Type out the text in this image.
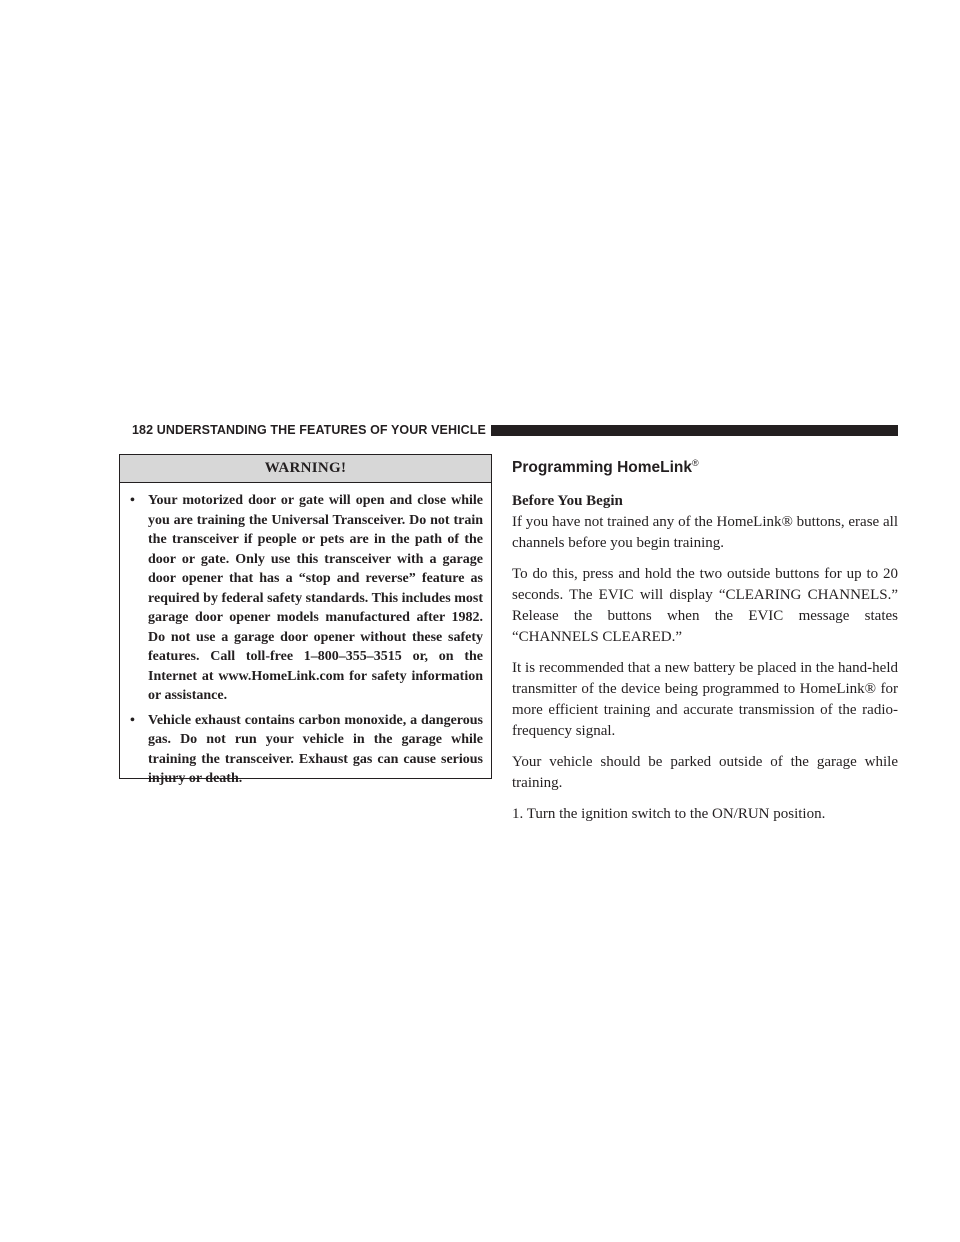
182 UNDERSTANDING THE FEATURES OF YOUR VEHICLE
WARNING!
• Your motorized door or gate will open and close while you are training the Universal Transceiver. Do not train the transceiver if people or pets are in the path of the door or gate. Only use this transceiver with a garage door opener that has a “stop and reverse” feature as required by federal safety standards. This includes most garage door opener models manufactured after 1982. Do not use a garage door opener without these safety features. Call toll-free 1–800–355–3515 or, on the Internet at www.HomeLink.com for safety information or assistance.
• Vehicle exhaust contains carbon monoxide, a dangerous gas. Do not run your vehicle in the garage while training the transceiver. Exhaust gas can cause serious injury or death.
Programming HomeLink®
Before You Begin

If you have not trained any of the HomeLink® buttons, erase all channels before you begin training.

To do this, press and hold the two outside buttons for up to 20 seconds. The EVIC will display “CLEARING CHANNELS.” Release the buttons when the EVIC message states “CHANNELS CLEARED.”

It is recommended that a new battery be placed in the hand-held transmitter of the device being programmed to HomeLink® for more efficient training and accurate transmission of the radio-frequency signal.

Your vehicle should be parked outside of the garage while training.

1. Turn the ignition switch to the ON/RUN position.
